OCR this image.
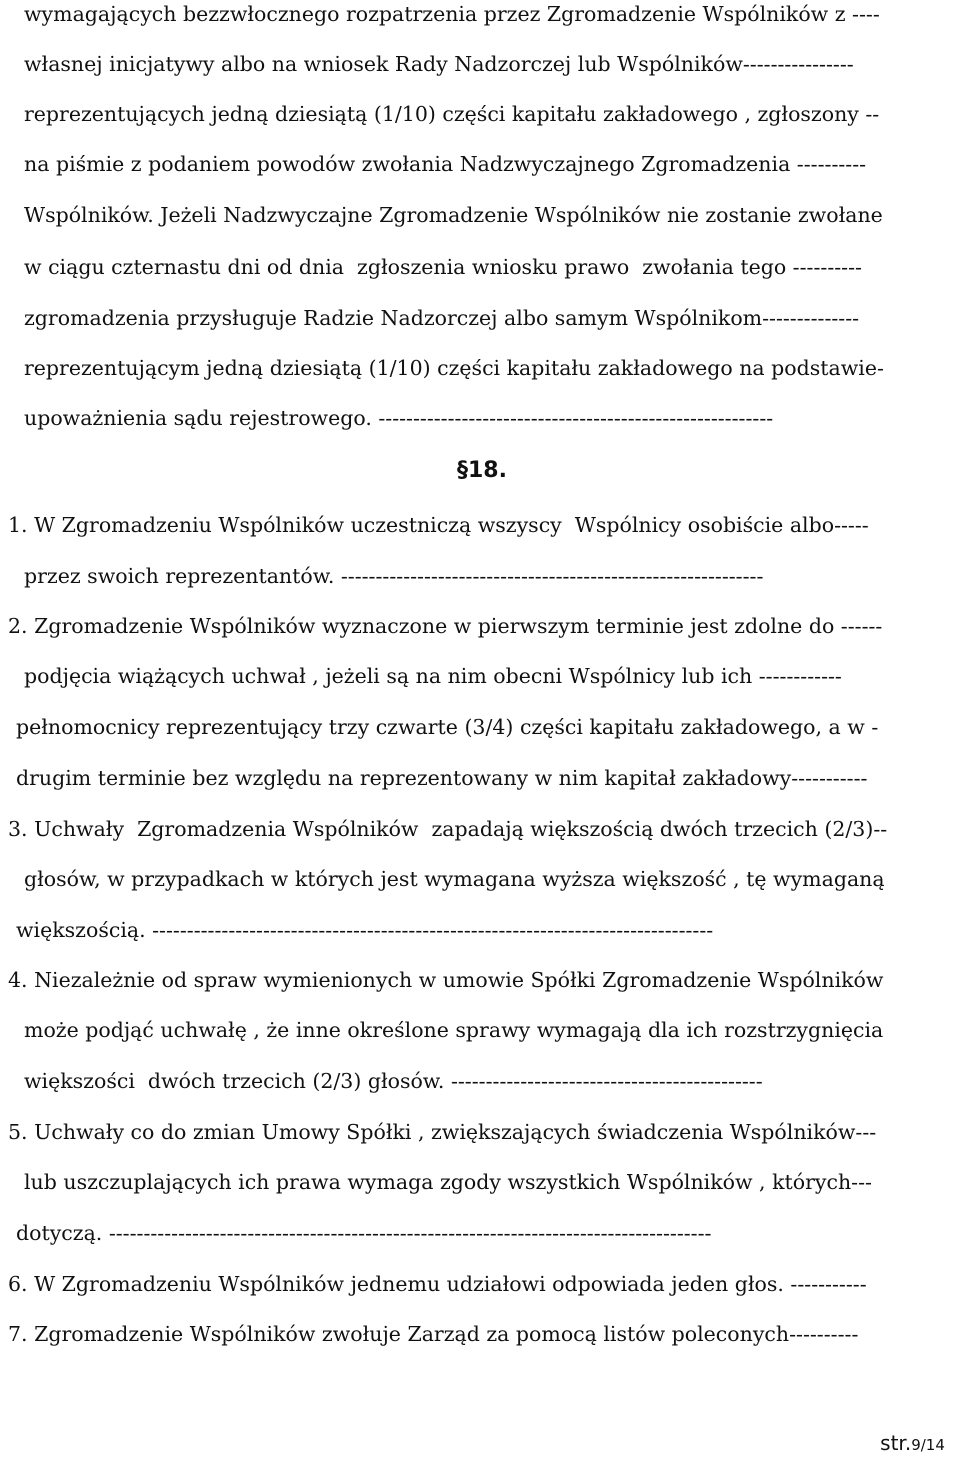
wymagających bezzwłocznego rozpatrzenia przez Zgromadzenie Wspólników z ----
własnej inicjatywy albo na wniosek Rady Nadzorczej lub Wspólników----------------
reprezentujących jedną dziesiątą (1/10) części kapitału zakładowego , zgłoszony --
na piśmie z podaniem powodów zwołania Nadzwyczajnego Zgromadzenia ----------
Wspólników. Jeżeli Nadzwyczajne Zgromadzenie Wspólników nie zostanie zwołane
w ciągu czternastu dni od dnia  zgłoszenia wniosku prawo  zwołania tego ----------
zgromadzenia przysługuje Radzie Nadzorczej albo samym Wspólnikom--------------
reprezentującym jedną dziesiątą (1/10) części kapitału zakładowego na podstawie-
upoważnienia sądu rejestrowego. ---------------------------------------------------------
§18.
1. W Zgromadzeniu Wspólników uczestniczą wszyscy  Wspólnicy osobiście albo-----
przez swoich reprezentantów. -------------------------------------------------------------
2. Zgromadzenie Wspólników wyznaczone w pierwszym terminie jest zdolne do ------
podjęcia wiążących uchwał , jeżeli są na nim obecni Wspólnicy lub ich ------------
pełnomocnicy reprezentujący trzy czwarte (3/4) części kapitału zakładowego, a w -
drugim terminie bez względu na reprezentowany w nim kapitał zakładowy-----------
3. Uchwały  Zgromadzenia Wspólników  zapadają większością dwóch trzecich (2/3)--
głosów, w przypadkach w których jest wymagana wyższa większość , tę wymaganą
większością. ---------------------------------------------------------------------------------
4. Niezależnie od spraw wymienionych w umowie Spółki Zgromadzenie Wspólników
może podjąć uchwałę , że inne określone sprawy wymagają dla ich rozstrzygnięcia
większości  dwóch trzecich (2/3) głosów. ---------------------------------------------
5. Uchwały co do zmian Umowy Spółki , zwiększających świadczenia Wspólników---
lub uszczuplających ich prawa wymaga zgody wszystkich Wspólników , których---
dotyczą. ---------------------------------------------------------------------------------------
6. W Zgromadzeniu Wspólników jednemu udziałowi odpowiada jeden głos. -----------
7. Zgromadzenie Wspólników zwołuje Zarząd za pomocą listów poleconych----------

str.9/14
